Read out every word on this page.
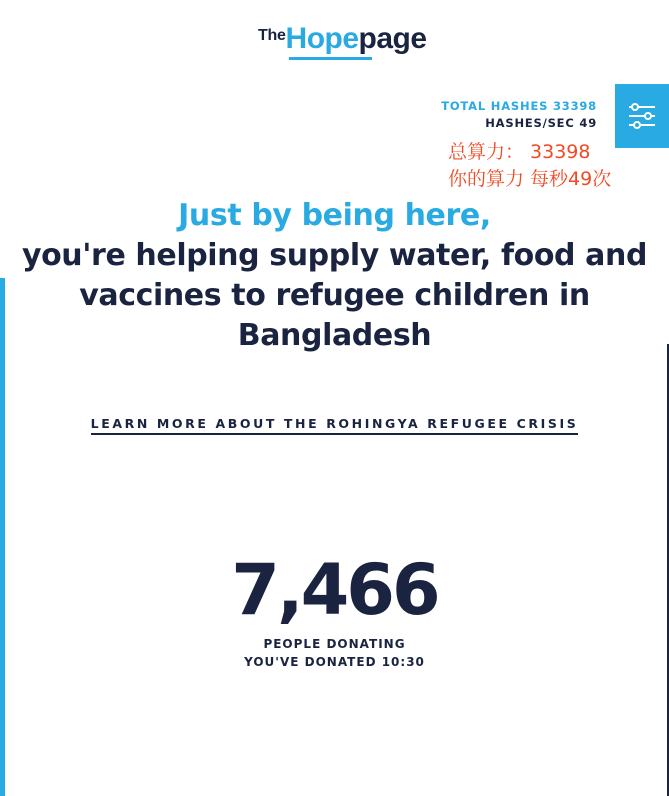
TheHopepage
TOTAL HASHES 33398
HASHES/SEC 49
总算力： 33398
你的算力 每秒49次
Just by being here,
you're helping supply water, food and vaccines to refugee children in Bangladesh
LEARN MORE ABOUT THE ROHINGYA REFUGEE CRISIS
7,466
PEOPLE DONATING
YOU'VE DONATED 10:30
